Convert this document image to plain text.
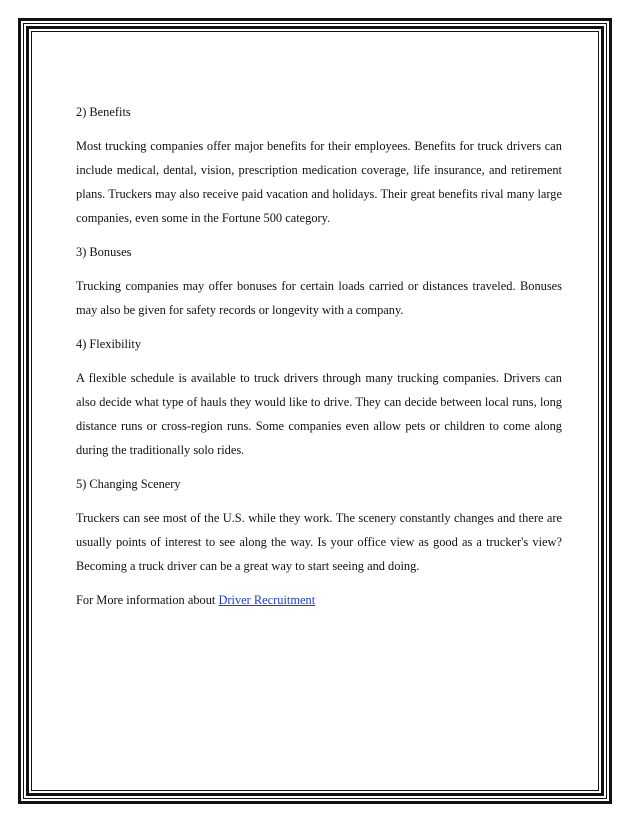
2) Benefits

Most trucking companies offer major benefits for their employees. Benefits for truck drivers can include medical, dental, vision, prescription medication coverage, life insurance, and retirement plans. Truckers may also receive paid vacation and holidays. Their great benefits rival many large companies, even some in the Fortune 500 category.

3) Bonuses

Trucking companies may offer bonuses for certain loads carried or distances traveled. Bonuses may also be given for safety records or longevity with a company.

4) Flexibility

A flexible schedule is available to truck drivers through many trucking companies. Drivers can also decide what type of hauls they would like to drive. They can decide between local runs, long distance runs or cross-region runs. Some companies even allow pets or children to come along during the traditionally solo rides.

5) Changing Scenery

Truckers can see most of the U.S. while they work. The scenery constantly changes and there are usually points of interest to see along the way. Is your office view as good as a trucker's view? Becoming a truck driver can be a great way to start seeing and doing.

For More information about Driver Recruitment
